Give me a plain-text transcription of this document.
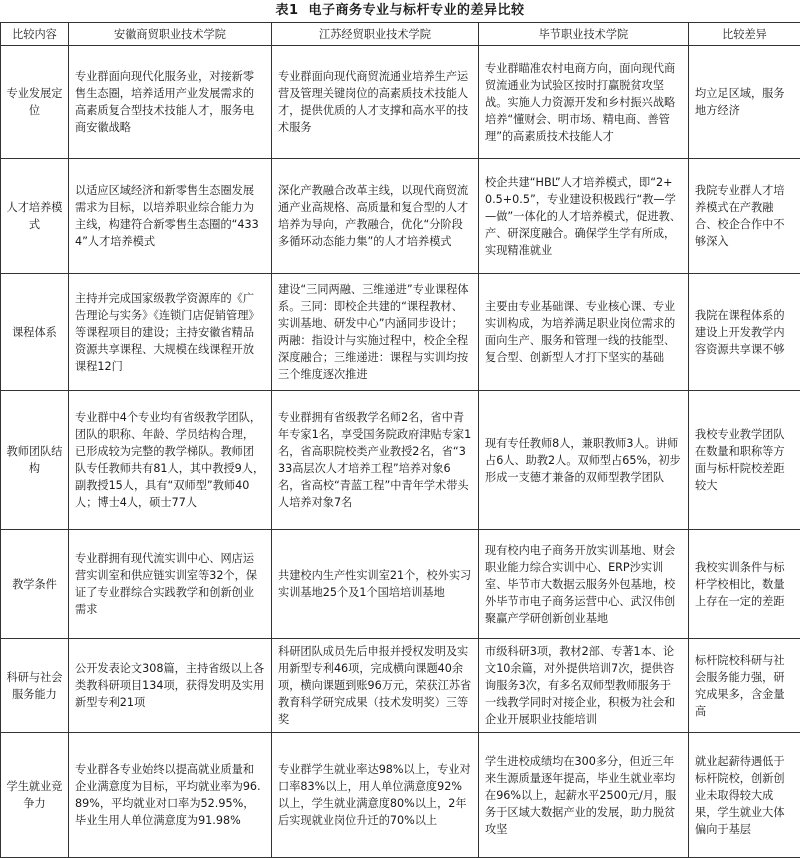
表1 电子商务专业与标杆专业的差异比较
比较内容	安徽商贸职业技术学院	江苏经贸职业技术学院	毕节职业技术学院	比较差异
专业发展定位	专业群面向现代化服务业，对接新零售生态圈，培养适用产业发展需求的高素质复合型技术技能人才，服务电商安徽战略	专业群面向现代商贸流通业培养生产运营及管理关键岗位的高素质技术技能人才，提供优质的人才支撑和高水平的技术服务	专业群瞄准农村电商方向，面向现代商贸流通业为试验区按时打赢脱贫攻坚战。实施人力资源开发和乡村振兴战略培养“懂财会、明市场、精电商、善管理”的高素质技术技能人才	均立足区域，服务地方经济
人才培养模式	以适应区域经济和新零售生态圈发展需求为目标，以培养职业综合能力为主线，构建符合新零售生态圈的“4334”人才培养模式	深化产教融合改革主线，以现代商贸流通产业高规格、高质量和复合型的人才培养为导向，产教融合，优化“分阶段多循环动态能力集”的人才培养模式	校企共建“HBL”人才培养模式，即“2+0.5+0.5”，专业建设积极践行“教—学—做”一体化的人才培养模式，促进教、产、研深度融合。确保学生学有所成，实现精准就业	我院专业群人才培养模式在产教融合、校企合作中不够深入
课程体系	主持并完成国家级教学资源库的《广告理论与实务》《连锁门店促销管理》等课程项目的建设；主持安徽省精品资源共享课程、大规模在线课程开放课程12门	建设“三同两融、三维递进”专业课程体系。三同：即校企共建的“课程教材、实训基地、研发中心”内涵同步设计；两融：指设计与实施过程中，校企全程深度融合；三维递进：课程与实训均按三个维度逐次推进	主要由专业基础课、专业核心课、专业实训构成，为培养满足职业岗位需求的面向生产、服务和管理一线的技能型、复合型、创新型人才打下坚实的基础	我院在课程体系的建设上开发教学内容资源共享课不够
教师团队结构	专业群中4个专业均有省级教学团队，团队的职称、年龄、学员结构合理，已形成较为完整的教学梯队。教师团队专任教师共有81人，其中教授9人，副教授15人，具有“双师型”教师40人；博士4人，硕士77人	专业群拥有省级教学名师2名，省中青年专家1名，享受国务院政府津贴专家1名，省高职院校类产业教授2名，省“333高层次人才培养工程”培养对象6名，省高校“青蓝工程”中青年学术带头人培养对象7名	现有专任教师8人，兼职教师3人。讲师占6人、助教2人。双师型占65%，初步形成一支德才兼备的双师型教学团队	我校专业教学团队在数量和职称等方面与标杆院校差距较大
教学条件	专业群拥有现代流实训中心、网店运营实训室和供应链实训室等32个，保证了专业群综合实践教学和创新创业需求	共建校内生产性实训室21个，校外实习实训基地25个及1个国培培训基地	现有校内电子商务开放实训基地、财会职业能力综合实训中心、ERP沙实训室、毕节市大数据云服务外包基地，校外毕节市电子商务运营中心、武汉伟创聚赢产学研创新创业基地	我校实训条件与标杆学校相比，数量上存在一定的差距
科研与社会服务能力	公开发表论文308篇，主持省级以上各类教科研项目134项，获得发明及实用新型专利21项	科研团队成员先后申报并授权发明及实用新型专利46项，完成横向课题40余项，横向课题到账96万元，荣获江苏省教育科学研究成果（技术发明奖）三等奖	市级科研3项，教材2部、专著1本、论文10余篇，对外提供培训7次，提供咨询服务3次，有多名双师型教师服务于一线教学同时对接企业，积极为社会和企业开展职业技能培训	标杆院校科研与社会服务能力强，研究成果多，含金量高
学生就业竞争力	专业群各专业始终以提高就业质量和企业满意度为目标，平均就业率为96.89%，平均就业对口率为52.95%，毕业生用人单位满意度为91.98%	专业群学生就业率达98%以上，专业对口率83%以上，用人单位满意度92%以上，学生就业满意度80%以上，2年后实现就业岗位升迁的70%以上	学生进校成绩均在300多分，但近三年来生源质量逐年提高，毕业生就业率均在96%以上，起薪水平2500元/月，服务于区域大数据产业的发展，助力脱贫攻坚	就业起薪待遇低于标杆院校，创新创业未取得较大成果，学生就业大体偏向于基层
